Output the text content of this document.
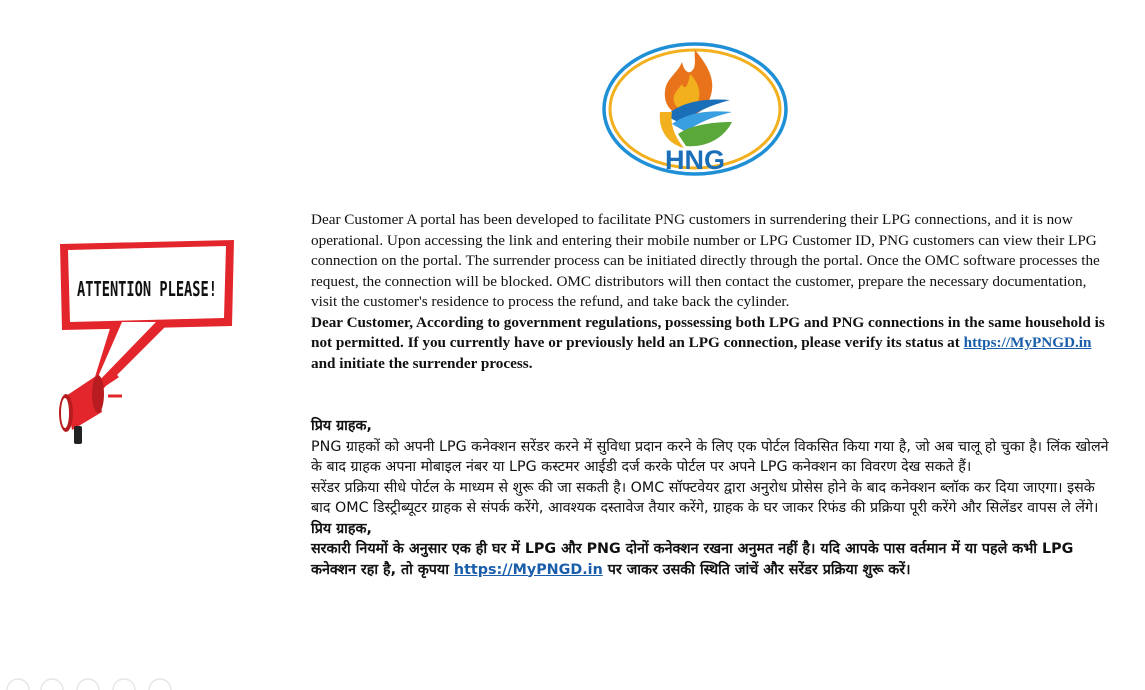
HNG
ATTENTION PLEASE!

Dear Customer A portal has been developed to facilitate PNG customers in surrendering their LPG connections, and it is now operational. Upon accessing the link and entering their mobile number or LPG Customer ID, PNG customers can view their LPG connection on the portal. The surrender process can be initiated directly through the portal. Once the OMC software processes the request, the connection will be blocked. OMC distributors will then contact the customer, prepare the necessary documentation, visit the customer's residence to process the refund, and take back the cylinder.

Dear Customer, According to government regulations, possessing both LPG and PNG connections in the same household is not permitted. If you currently have or previously held an LPG connection, please verify its status at https://MyPNGD.in and initiate the surrender process.

प्रिय ग्राहक,

PNG ग्राहकों को अपनी LPG कनेक्शन सरेंडर करने में सुविधा प्रदान करने के लिए एक पोर्टल विकसित किया गया है, जो अब चालू हो चुका है। लिंक खोलने के बाद ग्राहक अपना मोबाइल नंबर या LPG कस्टमर आईडी दर्ज करके पोर्टल पर अपने LPG कनेक्शन का विवरण देख सकते हैं।

सरेंडर प्रक्रिया सीधे पोर्टल के माध्यम से शुरू की जा सकती है। OMC सॉफ्टवेयर द्वारा अनुरोध प्रोसेस होने के बाद कनेक्शन ब्लॉक कर दिया जाएगा। इसके बाद OMC डिस्ट्रीब्यूटर ग्राहक से संपर्क करेंगे, आवश्यक दस्तावेज तैयार करेंगे, ग्राहक के घर जाकर रिफंड की प्रक्रिया पूरी करेंगे और सिलेंडर वापस ले लेंगे।

प्रिय ग्राहक,

सरकारी नियमों के अनुसार एक ही घर में LPG और PNG दोनों कनेक्शन रखना अनुमत नहीं है। यदि आपके पास वर्तमान में या पहले कभी LPG कनेक्शन रहा है, तो कृपया https://MyPNGD.in पर जाकर उसकी स्थिति जांचें और सरेंडर प्रक्रिया शुरू करें।
